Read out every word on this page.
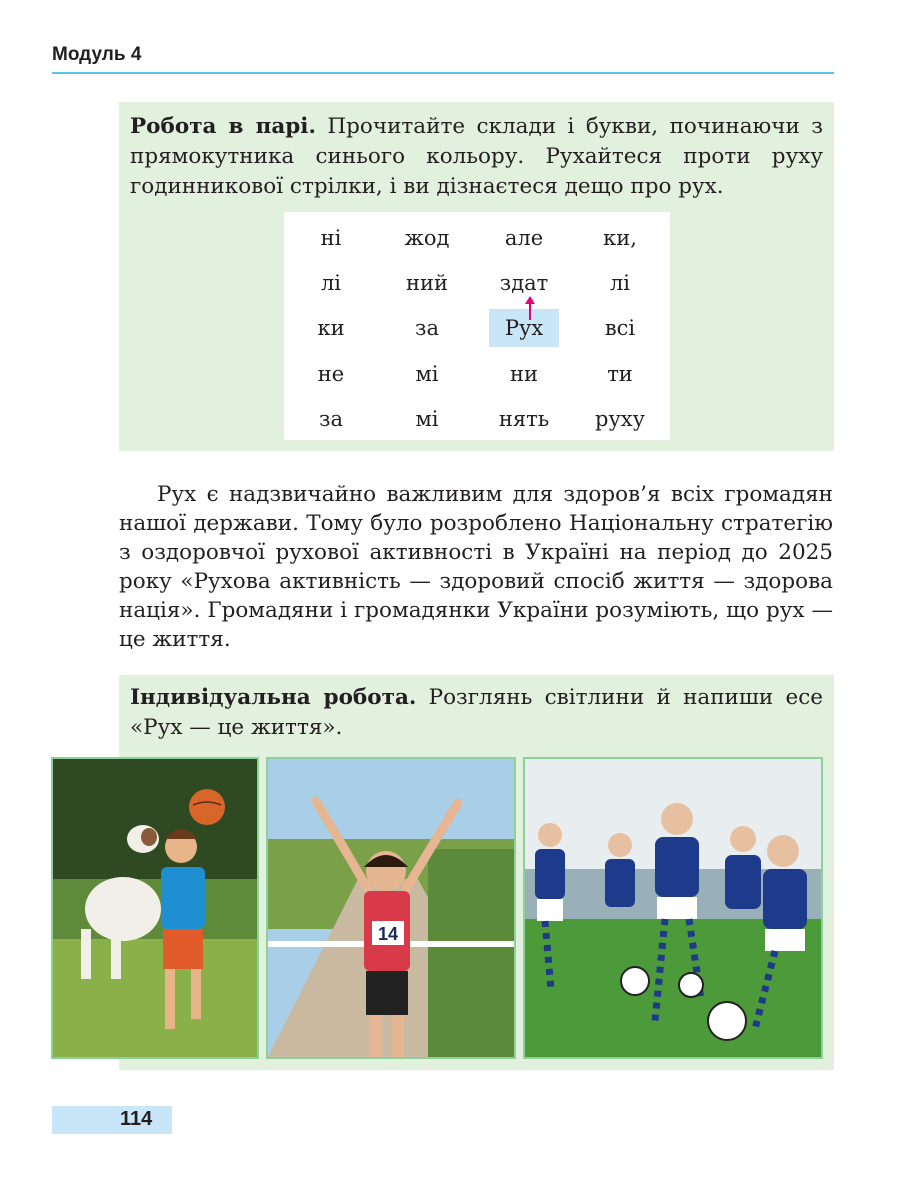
Модуль 4
Робота в парі. Прочитайте склади і букви, починаючи з прямокутника синього кольору. Рухайтеся проти руху годинникової стрілки, і ви дізнаєтеся дещо про рух.
ні	жод	але	ки,
лі	ний	здат	лі
ки	за	Рух	всі
не	мі	ни	ти
за	мі	нять	руху
Рух є надзвичайно важливим для здоров’я всіх громадян нашої держави. Тому було розроблено Національну стратегію з оздоровчої рухової активності в Україні на період до 2025 року «Рухова активність — здоровий спосіб життя — здорова нація». Громадяни і громадянки України розуміють, що рух — це життя.
Індивідуальна робота. Розглянь світлини й напиши есе «Рух — це життя».
14
114
